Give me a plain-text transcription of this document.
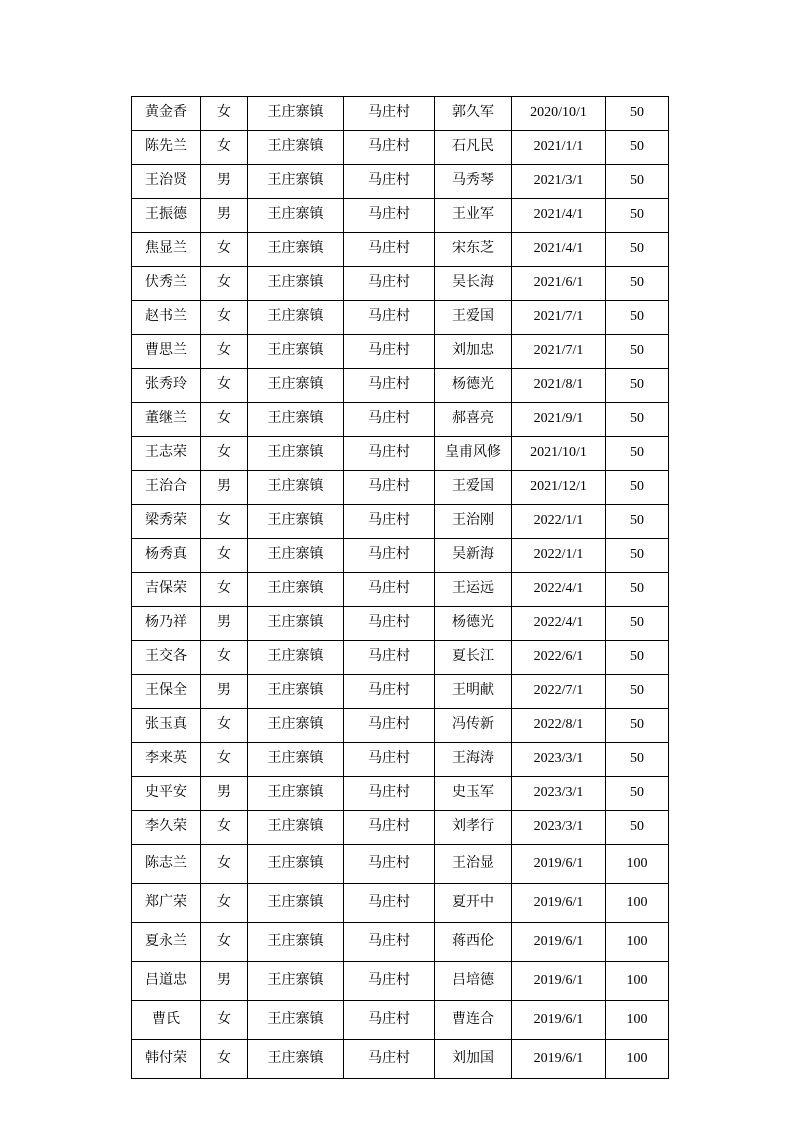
黄金香	女	王庄寨镇	马庄村	郭久军	2020/10/1	50
陈先兰	女	王庄寨镇	马庄村	石凡民	2021/1/1	50
王治贤	男	王庄寨镇	马庄村	马秀琴	2021/3/1	50
王振德	男	王庄寨镇	马庄村	王业军	2021/4/1	50
焦显兰	女	王庄寨镇	马庄村	宋东芝	2021/4/1	50
伏秀兰	女	王庄寨镇	马庄村	吴长海	2021/6/1	50
赵书兰	女	王庄寨镇	马庄村	王爱国	2021/7/1	50
曹思兰	女	王庄寨镇	马庄村	刘加忠	2021/7/1	50
张秀玲	女	王庄寨镇	马庄村	杨德光	2021/8/1	50
董继兰	女	王庄寨镇	马庄村	郝喜亮	2021/9/1	50
王志荣	女	王庄寨镇	马庄村	皇甫风修	2021/10/1	50
王治合	男	王庄寨镇	马庄村	王爱国	2021/12/1	50
梁秀荣	女	王庄寨镇	马庄村	王治刚	2022/1/1	50
杨秀真	女	王庄寨镇	马庄村	吴新海	2022/1/1	50
吉保荣	女	王庄寨镇	马庄村	王运远	2022/4/1	50
杨乃祥	男	王庄寨镇	马庄村	杨德光	2022/4/1	50
王交各	女	王庄寨镇	马庄村	夏长江	2022/6/1	50
王保全	男	王庄寨镇	马庄村	王明献	2022/7/1	50
张玉真	女	王庄寨镇	马庄村	冯传新	2022/8/1	50
李来英	女	王庄寨镇	马庄村	王海涛	2023/3/1	50
史平安	男	王庄寨镇	马庄村	史玉军	2023/3/1	50
李久荣	女	王庄寨镇	马庄村	刘孝行	2023/3/1	50
陈志兰	女	王庄寨镇	马庄村	王治显	2019/6/1	100
郑广荣	女	王庄寨镇	马庄村	夏开中	2019/6/1	100
夏永兰	女	王庄寨镇	马庄村	蒋西伦	2019/6/1	100
吕道忠	男	王庄寨镇	马庄村	吕培德	2019/6/1	100
曹氏	女	王庄寨镇	马庄村	曹连合	2019/6/1	100
韩付荣	女	王庄寨镇	马庄村	刘加国	2019/6/1	100
